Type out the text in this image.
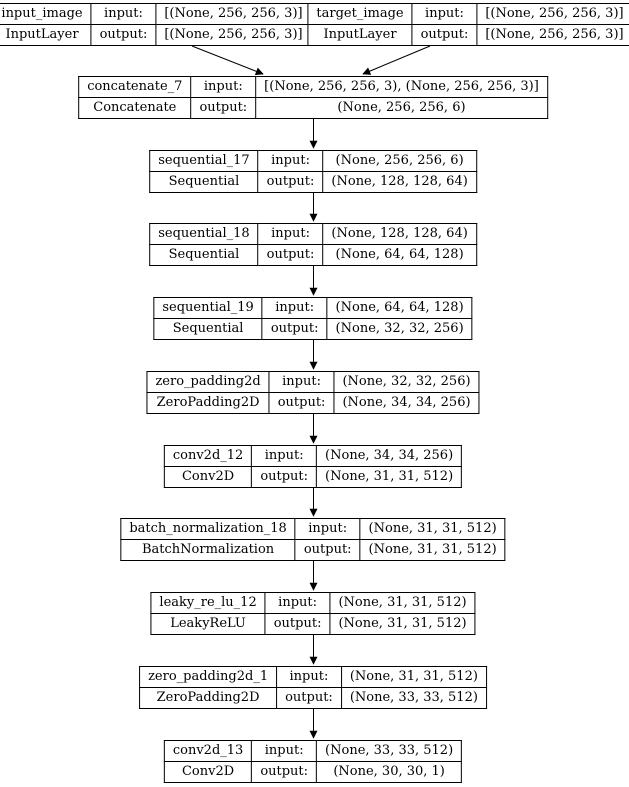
input_image	input:	[(None, 256, 256, 3)]
InputLayer	output:	[(None, 256, 256, 3)]
target_image	input:	[(None, 256, 256, 3)]
InputLayer	output:	[(None, 256, 256, 3)]
concatenate_7	input:	[(None, 256, 256, 3), (None, 256, 256, 3)]
Concatenate	output:	(None, 256, 256, 6)
sequential_17	input:	(None, 256, 256, 6)
Sequential	output:	(None, 128, 128, 64)
sequential_18	input:	(None, 128, 128, 64)
Sequential	output:	(None, 64, 64, 128)
sequential_19	input:	(None, 64, 64, 128)
Sequential	output:	(None, 32, 32, 256)
zero_padding2d	input:	(None, 32, 32, 256)
ZeroPadding2D	output:	(None, 34, 34, 256)
conv2d_12	input:	(None, 34, 34, 256)
Conv2D	output:	(None, 31, 31, 512)
batch_normalization_18	input:	(None, 31, 31, 512)
BatchNormalization	output:	(None, 31, 31, 512)
leaky_re_lu_12	input:	(None, 31, 31, 512)
LeakyReLU	output:	(None, 31, 31, 512)
zero_padding2d_1	input:	(None, 31, 31, 512)
ZeroPadding2D	output:	(None, 33, 33, 512)
conv2d_13	input:	(None, 33, 33, 512)
Conv2D	output:	(None, 30, 30, 1)
